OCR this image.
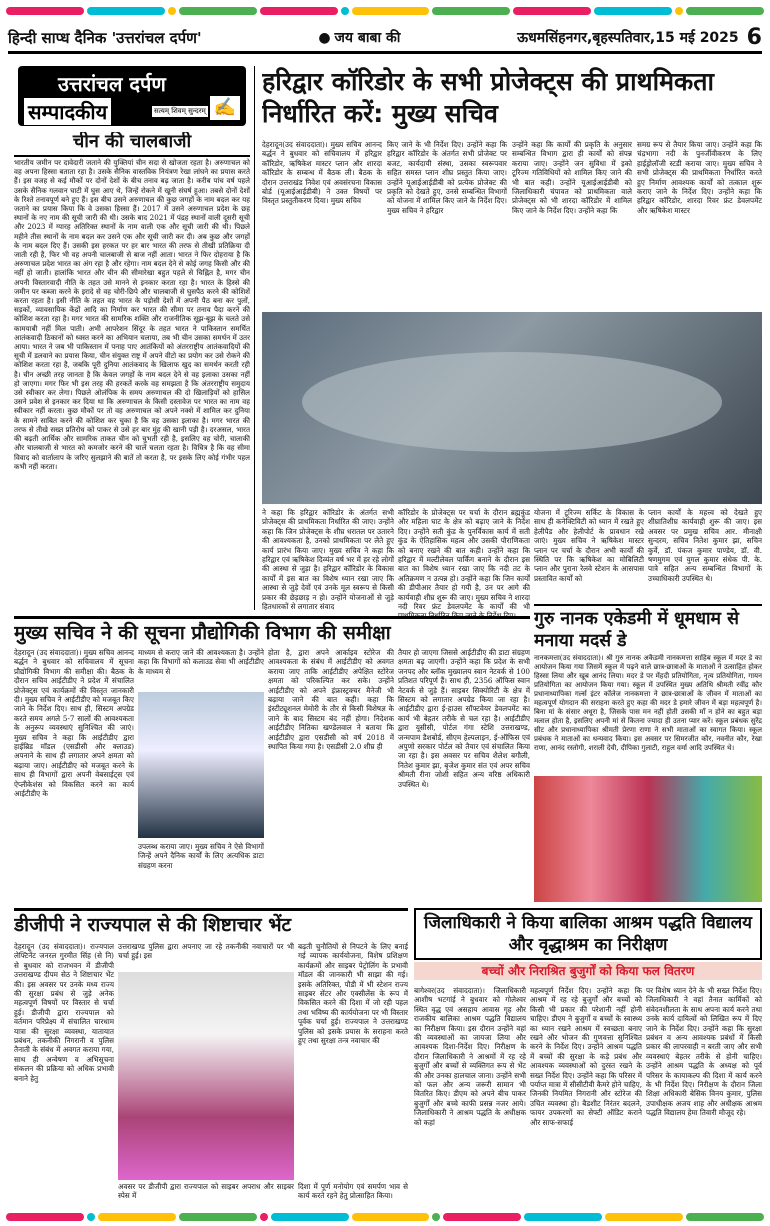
हिन्दी साप्ध दैनिक 'उत्तरांचल दर्पण'	● जय बाबा की	ऊधमसिंहनगर,बृहस्पतिवार,15 मई 2025 6
उत्तरांचल दर्पण
सम्पादकीय	सत्यम् शिवम् सुन्दरम् ✍
चीन की चालबाजी
भारतीय जमीन पर दावेदारी जताने की युक्तियां चीन सदा से खोजता रहता है। अरुणाचल को वह अपना हिस्सा बताता रहा है। उसके सैनिक वास्तविक नियंत्रण रेखा लांघने का प्रयास करते हैं। इस वजह से कई मौकों पर दोनों देशों के बीच तनाव बढ़ जाता है। करीब पांच वर्ष पहले उसके सैनिक गलवान घाटी में घुस आए थे, जिन्हें रोकने में खूनी संघर्ष हुआ। तबसे दोनों देशों के रिश्ते तनावपूर्ण बने हुए हैं। इस बीच उसने अरुणाचल की कुछ जगहों के नाम बदल कर यह जताने का प्रयास किया कि वे उसका हिस्सा हैं। 2017 में उसने अरुणाचल प्रदेश के छह स्थानों के नए नाम की सूची जारी की थी। उसके बाद 2021 में पंद्रह स्थानों वाली दूसरी सूची और 2023 में ग्यारह अतिरिक्त स्थानों के नाम वाली एक और सूची जारी की थी। पिछले महीने तीस स्थानों के नाम बदल कर उसने एक और सूची जारी कर दी। अब कुछ और जगहों के नाम बदल दिए हैं। उसकी इस हरकत पर हर बार भारत की तरफ से तीखी प्रतिक्रिया दी जाती रही है, फिर भी वह अपनी चालबाजी से बाज नहीं आता। भारत ने फिर दोहराया है कि अरुणाचल प्रदेश भारत का अंग रहा है और रहेगा। नाम बदल देने से कोई जगह किसी और की नहीं हो जाती। हालांकि भारत और चीन की सीमारेखा बहुत पहले से चिह्नित है, मगर चीन अपनी विस्तारवादी नीति के तहत उसे मानने से इनकार करता रहा है। भारत के हिस्से की जमीन पर कब्जा करने के इरादे से वह चोरी-छिपे और चालबाजी से घुसपैठ करने की कोशिशें करता रहता है। इसी नीति के तहत वह भारत के पड़ोसी देशों में अपनी पैठ बना कर पुलों, सड़कों, व्यावसायिक केंद्रों आदि का निर्माण कर भारत की सीमा पर तनाव पैदा करने की कोशिश करता रहा है। मगर भारत की सामरिक शक्ति और राजनीतिक सूझ-बूझ के चलते उसे कामयाबी नहीं मिल पाती। अभी आपरेशन सिंदूर के तहत भारत ने पाकिस्तान समर्थित आतंकवादी ठिकानों को ध्वस्त करने का अभियान चलाया, तब भी चीन उसका समर्थन में उतर आया। भारत ने जब भी पाकिस्तान में पनाह पाए आतंकियों को अंतरराष्ट्रीय आतंकवादियों की सूची में डलवाने का प्रयास किया, चीन संयुक्त राष्ट्र में अपने वीटो का प्रयोग कर उसे रोकने की कोशिश करता रहा है, जबकि पूरी दुनिया आतंकवाद के खिलाफ खुद का समर्थन करती रही है। चीन अच्छी तरह जानता है कि केवल जगहों के नाम बदल देने से वह इलाका उसका नहीं हो जाएगा। मगर फिर भी इस तरह की हरकतें करके वह समझता है कि अंतरराष्ट्रीय समुदाय उसे स्वीकार कर लेगा। पिछले ओलंपिक के समय अरुणाचल की दो खिलाड़ियों को हासिल उसने प्रवेश से इनकार कर दिया था कि अरुणाचल के किसी दस्तावेज पर भारत का नाम वह स्वीकार नहीं करता। कुछ मौकों पर तो वह अरुणाचल को अपने नक्शे में शामिल कर दुनिया के सामने साबित करने की कोशिश कर चुका है कि वह उसका इलाका है। मगर भारत की तरफ से तीखे सख्त प्रतिरोध को पाकर से उसे हर बार मुंह की खानी पड़ी है। दरअसल, भारत की बढ़ती आर्थिक और सामरिक ताकत चीन को चुभती रही है, इसलिए वह चोरी, चालाकी और चालबाजी से भारत को कमजोर करने की चालें चलता रहता है। विचित्र है कि वह सीमा विवाद को वार्तालाप के जरिए सुलझाने की बातें तो करता है, पर इसके लिए कोई गंभीर पहल कभी नहीं करता।
हरिद्वार कॉरिडोर के सभी प्रोजेक्ट्स की प्राथमिकता निर्धारित करें: मुख्य सचिव
देहरादून(उद संवाददाता)। मुख्य सचिव आनन्द बर्द्धन ने बुधवार को सचिवालय में हरिद्वार कॉरिडोर, ऋषिकेश मास्टर प्लान और शारदा कॉरिडोर के सम्बन्ध में बैठक ली। बैठक के दौरान उत्तराखंड निवेश एवं अवसंरचना विकास बोर्ड (यूआईआईडीबी) ने उक्त विषयों पर विस्तृत प्रस्तुतीकरण दिया। मुख्य सचिव
किए जाने के भी निर्देश दिए। उन्होंने कहा कि हरिद्वार कॉरिडोर के अंतर्गत सभी प्रोजेक्ट पर बजट, कार्यदायी संस्था, उसका स्वरूपवार सहित समस्त प्लान शीघ्र प्रस्तुत किया जाए। उन्होंने यूआईआईडीबी को प्रत्येक प्रोजेक्ट की प्रकृति को देखते हुए, उनसे सम्बन्धित विभागों को योजना में शामिल किए जाने के निर्देश दिए। मुख्य सचिव ने हरिद्वार
उन्होंने कहा कि कार्यों की प्रकृति के अनुसार सम्बन्धित विभाग द्वारा ही कार्यों को संपन्न कराया जाए। उन्होंने जन सुविधा में इको टूरिज्म गतिविधियों को शामिल किए जाने की भी बात कही। उन्होंने यूआईआईडीबी को जिलाधिकारी चंपावत को प्राथमिकता वाले प्रोजेक्ट्स को भी शारदा कॉरिडोर में शामिल किए जाने के निर्देश दिए। उन्होंने कहा कि
समग्र रूप से तैयार किया जाए। उन्होंने कहा कि चंद्रभागा नदी के पुनर्जीवीकरण के लिए हाईड्रोलॉजी स्टडी कराया जाए। मुख्य सचिव ने सभी प्रोजेक्ट्स की प्राथमिकता निर्धारित करते हुए निर्माण आवश्यक कार्यों को तत्काल शुरू कराए जाने के निर्देश दिए। उन्होंने कहा कि हरिद्वार कॉरिडोर, शारदा रिवर फ्रंट डेवलपमेंट और ऋषिकेश मास्टर
ने कहा कि हरिद्वार कॉरिडोर के अंतर्गत सभी प्रोजेक्ट्स की प्राथमिकता निर्धारित की जाए। उन्होंने कहा कि जिन प्रोजेक्ट्स के शीघ्र धरातल पर उतारने की आवश्यकता है, उनको प्राथमिकता पर लेते हुए कार्य प्रारंभ किया जाए। मुख्य सचिव ने कहा कि हरिद्वार एवं ऋषिकेश दिव्यंत वर्ष भर में हर रहे लोगों की आस्था से जुड़ा है। हरिद्वार कॉरिडोर के विकास कार्यों में इस बात का विशेष ध्यान रखा जाए कि आस्था से जुड़े देवों एवं उनके मूल स्वरूप से किसी प्रकार की छेड़छाड़ न हो। उन्होंने योजनाओं से जुड़े हितधारकों से लगातार संवाद
कॉरिडोर के प्रोजेक्ट्स पर चर्चा के दौरान ब्रह्मकुंड और महिला घाट के क्षेत्र को बढ़ाए जाने के निर्देश दिए। उन्होंने सती कुंड के पुनर्विकास कार्य में सती कुंड के ऐतिहासिक महत्व और उसकी पौराणिकता को बनाए रखने की बात कही। उन्होंने कहा कि हरिद्वार में मल्टीलेवल पार्किंग बनाने के दौरान इस बात का विशेष ध्यान रखा जाए कि नदी तट के अतिक्रमण न उत्पन्न हो। उन्होंने कहा कि जिन कार्यों की डीपीआर तैयार हो गयी है, उन पर आगे की कार्यवाही शीघ्र शुरू की जाए। मुख्य सचिव ने शारदा नदी रिवर फ्रंट डेवलपमेंट के कार्यों की भी प्राथमिकता निर्धारित किए जाने के निर्देश दिए।
योजना में टूरिज्म सर्किट के विकास के साथ ही कनेक्टिविटी को ध्यान में रखते हुए हेलीपैड और हेलीपोर्ट के प्रावधान रखे जाएं। मुख्य सचिव ने ऋषिकेश मास्टर प्लान पर चर्चा के दौरान अभी कार्यों की स्थिति पर कि ऋषिकेश का मोबिलिटी प्लान और पुराना रेलवे स्टेशन के आसपास प्रस्तावित कार्यों को
प्लान कार्यों के महत्त्व को देखते हुए शीघ्रातिशीघ्र कार्यवाही शुरू की जाए। इस अवसर पर प्रमुख सचिव आर. मीनाक्षी सुन्दरम, सचिव नितेश कुमार झा, सचिन कुर्वे, डॉ. पंकज कुमार पाण्डेय, डॉ. वी. षणमुगम एवं युगल कुमार संधेक पी. के. पात्रे सहित अन्य सम्बन्धित विभागों के उच्चाधिकारी उपस्थित थे।
गुरु नानक एकेडमी में धूमधाम से मनाया मदर्स डे
नानकमत्ता(उद संवाददाता)। श्री गुरु नानक अकैडमी नानकमत्ता साहिब स्कूल में मदर डे का आयोजन किया गया जिसमें स्कूल में पढ़ने वाले छात्र-छात्राओं के माताओं ने उत्साहित होकर हिस्सा लिया और खूब आनंद लिया। मदर डे पर मेंहदी प्रतियोगिता, नृत्य प्रतियोगिता, गायन प्रतियोगिता का आयोजन किया गया। स्कूल में उपस्थित मुख्य अतिथि श्रीमती रवींद्र कौर प्रधानाध्यापिका गर्ल्स इंटर कॉलेज नानकमत्ता ने छात्र-छात्राओं के जीवन में माताओं का महत्वपूर्ण योगदान की सराहना करते हुए कहा की मदर डे हमारे जीवन में बड़ा महत्वपूर्ण है। बिना मां के संसार अधूरा है, जिसके पास मन नहीं होती उसकी माँ न होने का बहुत बड़ा मलाल होता है, इसलिए अपनी मां से कितना ज्यादा ही उतना प्यार करें। स्कूल प्रबंधक सुरेंद्र सीट और प्रधानाध्यापिका श्रीमती प्रेरणा राणा ने सभी माताओं का स्वागत किया। स्कूल प्रबंधक ने माताओं का धन्यवाद किया। इस अवसर पर सिमरजीत कौर, नवनीत कौर, रेखा राणा, आनंद रस्तोगी, शराली देवी, दीपिका गुलाटी, राहुल वर्मा आदि उपस्थित थे।
मुख्य सचिव ने की सूचना प्रौद्योगिकी विभाग की समीक्षा
देहरादून (उद संवाददाता)। मुख्य सचिव आनन्द बर्द्धन ने बुधवार को सचिवालय में सूचना प्रौद्योगिकी विभाग की समीक्षा की। बैठक के दौरान सचिव आईटीडीए ने प्रदेश में संचालित प्रोजेक्ट्स एवं कार्यक्रमों की विस्तृत जानकारी दी। मुख्य सचिव ने आईटीडीए को मजबूत किए जाने के निर्देश दिए। साथ ही, सिस्टम अपग्रेड करते समय अगले 5-7 सालों की आवश्यकता के अनुरूप व्यवस्थाएं सुनिश्चित की जाएं। मुख्य सचिव ने कहा कि आईटीडीए द्वारा हाईब्रिड मॉडल (एसडीसी और क्लाउड) अपनाने के साथ ही लगातार अपने क्षमता को बढ़ाया जाए। आईटीडीए को मजबूत करने के साथ ही विभागों द्वारा अपनी वेबसाईट्स एवं ऐप्लीकेशंस को विकसित करने का कार्य आईटीडीए के
माध्यम से कराए जाने की आवश्यकता है। उन्होंने कहा कि विभागों को कलाउड सेवा भी आईटीडीए के माध्यम से
उपलब्ध कराया जाए। मुख्य सचिव ने ऐसे विभागों जिन्हें अपने दैनिक कार्यों के लिए अत्यधिक डाटा संग्रहण करना
होता है, द्वारा अपने आर्काइव स्टोरेज की आवश्यकता के संबंध में आईटीडीए को अवगत कराया जाए ताकि आईटीडीए अपेक्षित स्टोरेज क्षमता को परिकल्पित कर सके। उन्होंने आईटीडीए को अपने इंफ्रास्ट्रक्चर मैनेजी भी बढ़ाया जाने की बात कही। कहा कि इंस्टीट्यूशनल मेमोरी के तौर से किसी विशेषज्ञ के जाने के बाद सिस्टम बंद नहीं होगा। निदेशक आईटीडीए नितिका खण्डेलवाल ने बताया कि आईटीडीए द्वारा एसडीसी को वर्ष 2018 में स्थापित किया गया है। एसडीसी 2.0 शीघ्र ही
तैयार हो जाएगा जिससे आईटीडीए की डाटा संग्रहण क्षमता बढ़ जाएगी। उन्होंने कहा कि प्रदेश के सभी जनपद और ब्लॉक मुख्यालय स्वान नेटवर्क से 100 प्रतिशत परिपूर्ण हैं। साथ ही, 2356 ऑफिस स्वान नेटवर्क से जुड़े हैं। साइबर सिक्योरिटी के क्षेत्र में सिस्टम को लगातार अपग्रेड किया जा रहा है। आईटीडीए द्वारा ई-हाउस सॉफ्टवेयर डेवलपमेंट का कार्य भी बेहतर तरीके से चल रहा है। आईटीडीए द्वारा यूसीसी, पोर्टल गंगा स्टेशि उत्तराखण्ड, जन्मपाम डैशबोर्ड, सीएम हेल्पलाइन, ई-ऑफिस एवं अपुणो सरकार पोर्टल को तैयार एवं संचालित किया जा रहा है। इस अवसर पर सचिव शैलेश बगौली, नितेश कुमार झा, बृजेश कुमार संत एवं अपर सचिव श्रीमती रीना जोशी सहित अन्य वरिष्ठ अधिकारी उपस्थित थे।
डीजीपी ने राज्यपाल से की शिष्टाचार भेंट
देहरादून (उद संवाददाता)। राज्यपाल लेफ्टिनेंट जनरल गुरमीत सिंह (से नि) से बुधवार को राजभवन में डीजीपी उत्तराखण्ड दीपम सेठ ने शिष्टाचार भेंट की। इस अवसर पर उनके मध्य राज्य की सुरक्षा प्रबंध से जुड़े अनेक महत्वपूर्ण विषयों पर विस्तार से चर्चा हुई। डीजीपी द्वारा राज्यपाल को वर्तमान परिप्रेक्ष्य में संचालित चारधाम यात्रा की सुरक्षा व्यवस्था, यातायात प्रबंधन, तकनीकी निगरानी व पुलिस तैनाती के संबंध में अवगत कराया गया, साथ ही अन्वेषण व अभिसूचना संकलन की प्रक्रिया को अधिक प्रभावी बनाने हेतु
उत्तराखण्ड पुलिस द्वारा अपनाए जा रहे तकनीकी नवाचारों पर भी चर्चा हुई। इस
अवसर पर डीजीपी द्वारा राज्यपाल को साइबर अपराध और साइबर स्पेस में
बढ़ती चुनौतियों से निपटने के लिए बनाई गई व्यापक कार्ययोजना, विशेष प्रशिक्षण कार्यक्रमों और साइबर पेट्रोलिंग के प्रभावी मॉडल की जानकारी भी साझा की गई। इसके अतिरिक्त, पौडी में भी स्टेशन राज्य साइबर सेंटर और एक्सीलेंस के रूप में विकसित करने की दिशा में जो रही पहल तथा भविष्य की कार्ययोजना पर भी विस्तार पूर्वक चर्चा हुई। राज्यपाल ने उत्तराखण्ड पुलिस को इसके प्रयास के सराहना करते हुए तथा सुरक्षा तन्त्र नवाचार की
दिशा में पूर्ण मनोयोग एवं समर्पण भाव से कार्य करते रहने हेतु प्रोत्साहित किया।
जिलाधिकारी ने किया बालिका आश्रम पद्धति विद्यालय और वृद्धाश्रम का निरीक्षण
बच्चों और निराश्रित बुजुर्गों को किया फल वितरण
बागेश्वर(उद संवाददाता)। जिलाधिकारी आशीष भटगांई ने बुधवार को गोलेश्वर स्थित वृद्ध एवं असहाय आवास गृह और राजकीय बालिका आश्रम पद्धति विद्यालय का निरीक्षण किया। इस दौरान उन्होंने वहां की व्यवस्थाओं का जायजा लिया और आवश्यक दिशा-निर्देश दिए। निरीक्षण के दौरान जिलाधिकारी ने आश्रमों में रह रहे बुजुर्गों और बच्चों से व्यक्तिगत रूप से भेंट की और उनका हालचाल जाना। उन्होंने सभी को फल और अन्य जरूरी सामान भी वितरित किए। डीएम को अपने बीच पाकर बुजुर्गों और बच्चे काफी प्रसन्न नजर आये। जिलाधिकारी ने आश्रम पद्धति के अधीक्षक को कहां
महत्वपूर्ण निर्देश दिए। उन्होंने कहा कि आश्रम में रह रहे बुजुर्गों और बच्चों को किसी भी प्रकार की परेशानी नहीं होनी चाहिए। डीएम ने बुजुर्गों व बच्चों के स्वास्थ्य का ध्यान रखने आश्रम में स्वच्छता बनाए रखने और भोजन की गुणवत्ता सुनिश्चित करने के निर्देश दिए। उन्होंने आश्रम पद्धति में बच्चों की सुरक्षा के कड़े प्रबंध और आवश्यक व्यवस्थाओं को दुरस्त रखने के सख्त निर्देश दिए। उन्होंने कहा कि परिसर में पर्याप्त मात्रा में सीसीटीवी कैमरे होने चाहिए, जिनकी नियमित निगरानी और स्टोरेज की उचित व्यवस्था हो। बैडशीट निरंतर बदलने, फायर उपकरणों का सेफ्टी ऑडिट कराने और साफ-सफाई
पर विशेष ध्यान देने के भी सख्त निर्देश दिए। जिलाधिकारी ने वहां तैनात कार्मिकों को संवेदनशीलता के साथ अपना कार्य करने तथा उनके कार्य दायित्वों को लिखित रूप में दिए जाने के निर्देश दिए। उन्होंने कहा कि सुरक्षा प्रबंधन व अन्य आवश्यक प्रबंधों में किसी प्रकार की लापरवाही न बरती जाए और सभी व्यवस्थाएं बेहतर तरीके से होनी चाहिए। उन्होंने आश्रम पद्धति के अध्यक्ष को पूर्व परिसर के कायाकल्प की दिशा में कार्य करने के भी निर्देश दिए। निरीक्षण के दौरान जिला शिक्षा अधिकारी बेसिक विनय कुमार, पुलिस उपाधीक्षक अजय शाह और अधीक्षक आश्रम पद्धति विद्यालय हेमा तिवारी मौजूद रहे।
